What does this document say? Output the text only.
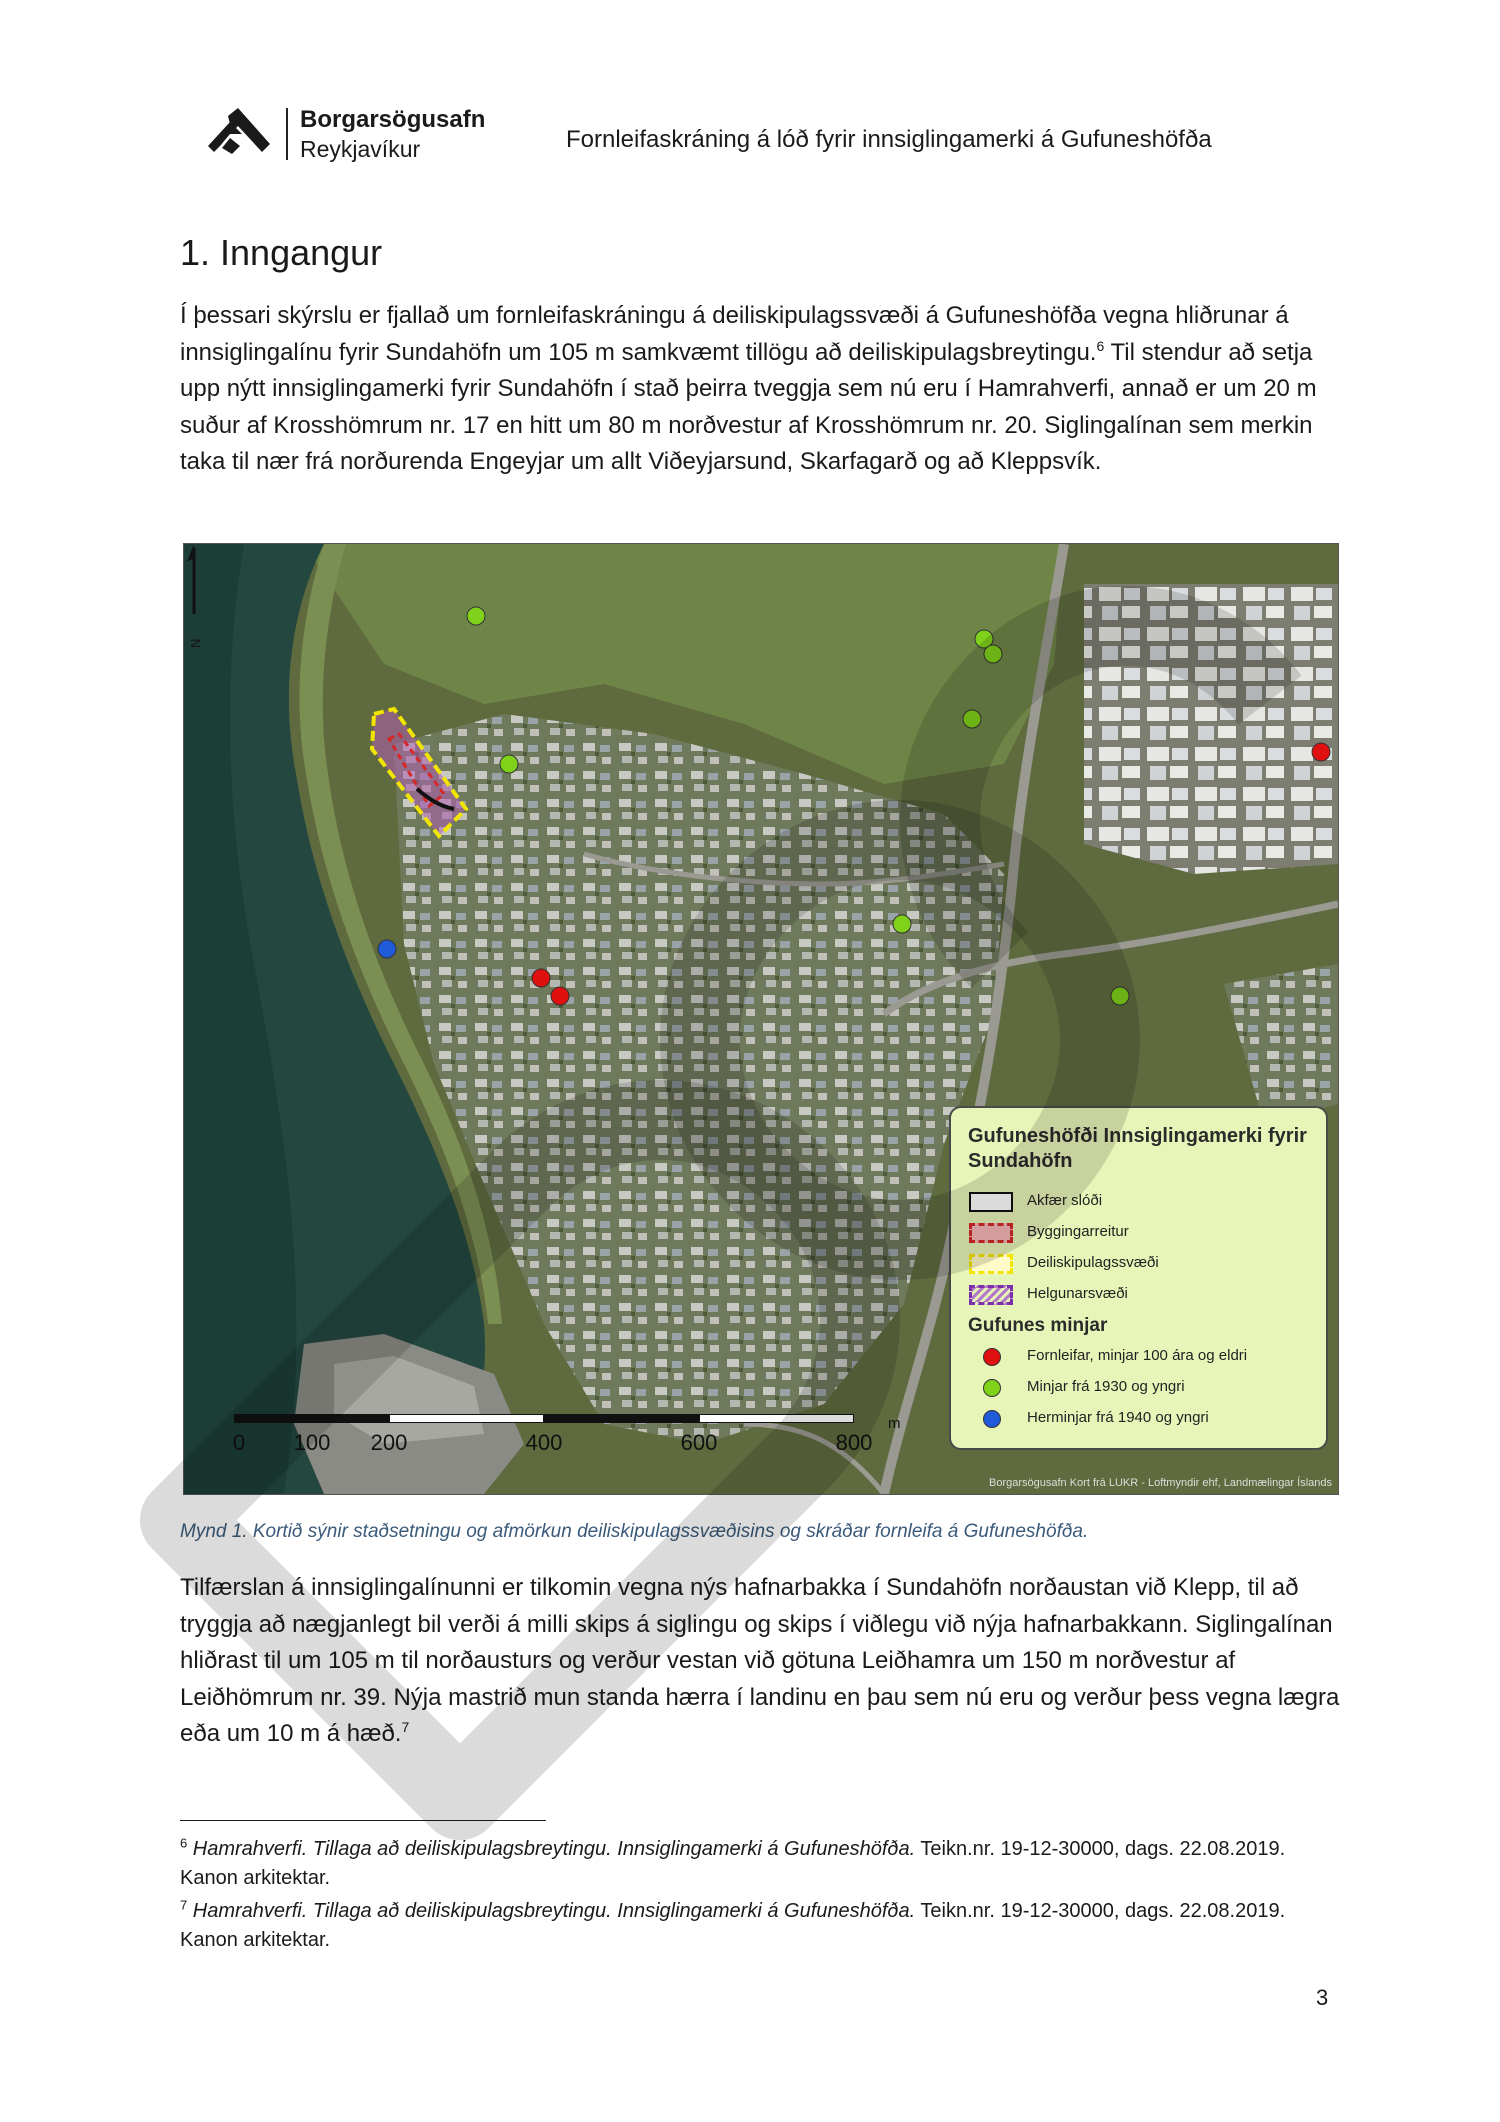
Borgarsögusafn
Reykjavíkur	Fornleifaskráning á lóð fyrir innsiglingamerki á Gufuneshöfða
1. Inngangur

Í þessari skýrslu er fjallað um fornleifaskráningu á deiliskipulagssvæði á Gufuneshöfða vegna hliðrunar á innsiglingalínu fyrir Sundahöfn um 105 m samkvæmt tillögu að deiliskipulagsbreytingu.$^6$ Til stendur að setja upp nýtt innsiglingamerki fyrir Sundahöfn í stað þeirra tveggja sem nú eru í Hamrahverfi, annað er um 20 m suður af Krosshömrum nr. 17 en hitt um 80 m norðvestur af Krosshömrum nr. 20. Siglingalínan sem merkin taka til nær frá norðurenda Engeyjar um allt Viðeyjarsund, Skarfagarð og að Kleppsvík.

N
0 100 200	400	600	800
m
Gufuneshöfði Innsiglingamerki fyrir Sundahöfn
Akfær slóði
Byggingarreitur
Deiliskipulagssvæði
Helgunarsvæði
Gufunes minjar
Fornleifar, minjar 100 ára og eldri
Minjar frá 1930 og yngri
Herminjar frá 1940 og yngri
Borgarsögusafn Kort frá LUKR - Loftmyndir ehf, Landmælingar Íslands

Mynd 1. Kortið sýnir staðsetningu og afmörkun deiliskipulagssvæðisins og skráðar fornleifa á Gufuneshöfða.

Tilfærslan á innsiglingalínunni er tilkomin vegna nýs hafnarbakka í Sundahöfn norðaustan við Klepp, til að tryggja að nægjanlegt bil verði á milli skips á siglingu og skips í viðlegu við nýja hafnarbakkann. Siglingalínan hliðrast til um 105 m til norðausturs og verður vestan við götuna Leiðhamra um 150 m norðvestur af Leiðhömrum nr. 39. Nýja mastrið mun standa hærra í landinu en þau sem nú eru og verður þess vegna lægra eða um 10 m á hæð.$^7$

$^6$ Hamrahverfi. Tillaga að deiliskipulagsbreytingu. Innsiglingamerki á Gufuneshöfða. Teikn.nr. 19-12-30000, dags. 22.08.2019. Kanon arkitektar.

$^7$ Hamrahverfi. Tillaga að deiliskipulagsbreytingu. Innsiglingamerki á Gufuneshöfða. Teikn.nr. 19-12-30000, dags. 22.08.2019. Kanon arkitektar.

3
